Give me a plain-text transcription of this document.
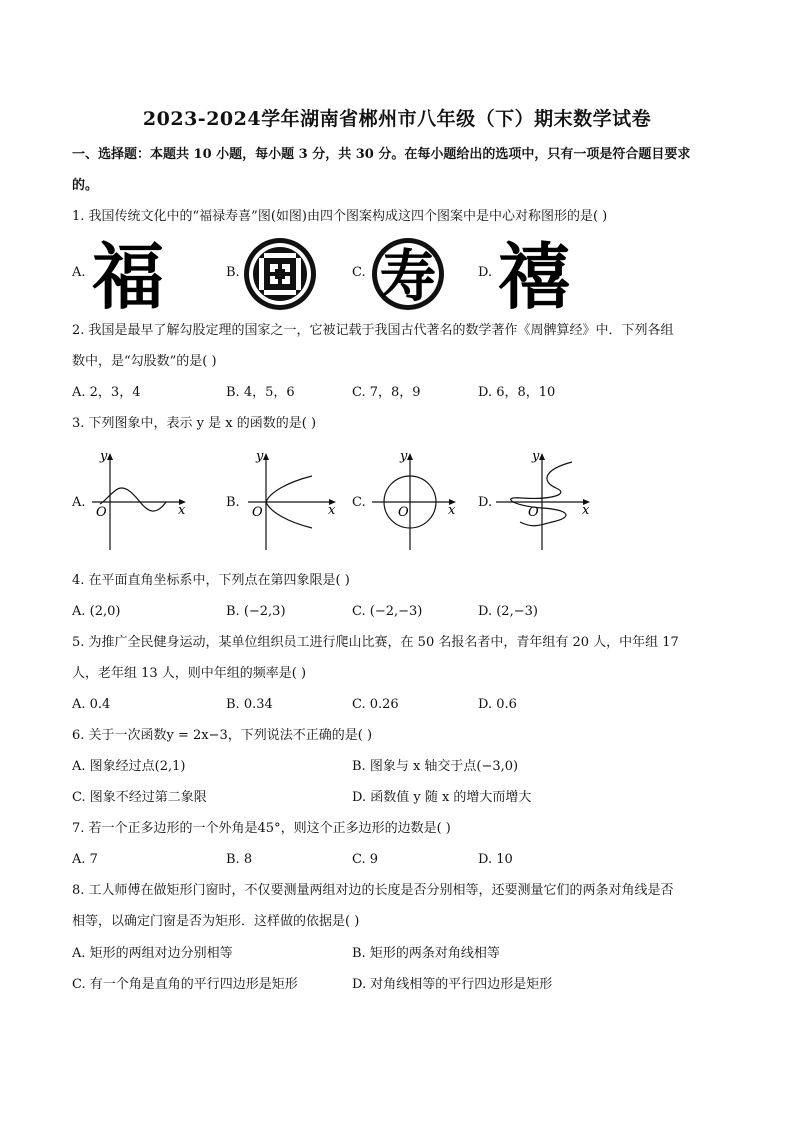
2023-2024学年湖南省郴州市八年级（下）期末数学试卷
一、选择题：本题共 10 小题，每小题 3 分，共 30 分。在每小题给出的选项中，只有一项是符合题目要求
的。
1. 我国传统文化中的“福禄寿喜”图(如图)由四个图案构成这四个图案中是中心对称图形的是( )
A. 福	B.	C. 寿	D. 禧
2. 我国是最早了解勾股定理的国家之一，它被记载于我国古代著名的数学著作《周髀算经》中．下列各组
数中，是“勾股数”的是( )
A. 2，3，4	B. 4，5，6	C. 7，8，9	D. 6，8，10
3. 下列图象中，表示 y 是 x 的函数的是( )
A.
x
y
O
B.
x
y
O
C.
x
y
O
D.
x
y
O
4. 在平面直角坐标系中，下列点在第四象限是( )
A. (2,0)	B. (−2,3)	C. (−2,−3)	D. (2,−3)
5. 为推广全民健身运动，某单位组织员工进行爬山比赛，在 50 名报名者中，青年组有 20 人，中年组 17
人，老年组 13 人，则中年组的频率是( )
A. 0.4	B. 0.34	C. 0.26	D. 0.6
6. 关于一次函数y = 2x−3，下列说法不正确的是( )
A. 图象经过点(2,1)	B. 图象与 x 轴交于点(−3,0)
C. 图象不经过第二象限	D. 函数值 y 随 x 的增大而增大
7. 若一个正多边形的一个外角是45°，则这个正多边形的边数是( )
A. 7	B. 8	C. 9	D. 10
8. 工人师傅在做矩形门窗时，不仅要测量两组对边的长度是否分别相等，还要测量它们的两条对角线是否
相等，以确定门窗是否为矩形．这样做的依据是( )
A. 矩形的两组对边分别相等	B. 矩形的两条对角线相等
C. 有一个角是直角的平行四边形是矩形	D. 对角线相等的平行四边形是矩形
